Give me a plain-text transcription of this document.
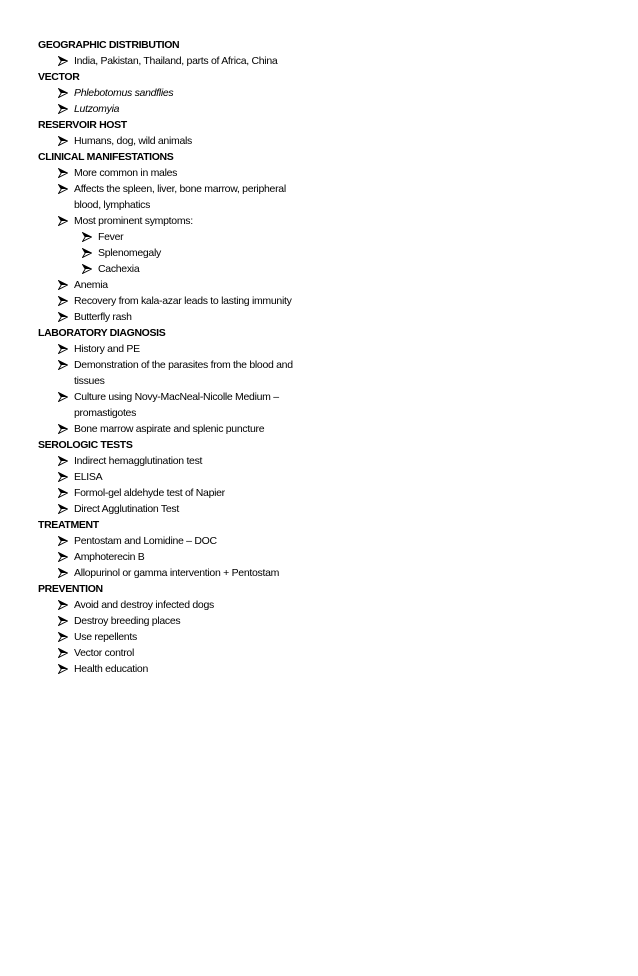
GEOGRAPHIC DISTRIBUTION
India, Pakistan, Thailand, parts of Africa, China
VECTOR
Phlebotomus sandflies
Lutzomyia
RESERVOIR HOST
Humans, dog, wild animals
CLINICAL MANIFESTATIONS
More common in males
Affects the spleen, liver, bone marrow, peripheral blood, lymphatics
Most prominent symptoms:
Fever
Splenomegaly
Cachexia
Anemia
Recovery from kala-azar leads to lasting immunity
Butterfly rash
LABORATORY DIAGNOSIS
History and PE
Demonstration of the parasites from the blood and tissues
Culture using Novy-MacNeal-Nicolle Medium – promastigotes
Bone marrow aspirate and splenic puncture
SEROLOGIC TESTS
Indirect hemagglutination test
ELISA
Formol-gel aldehyde test of Napier
Direct Agglutination Test
TREATMENT
Pentostam and Lomidine – DOC
Amphoterecin B
Allopurinol or gamma intervention + Pentostam
PREVENTION
Avoid and destroy infected dogs
Destroy breeding places
Use repellents
Vector control
Health education
